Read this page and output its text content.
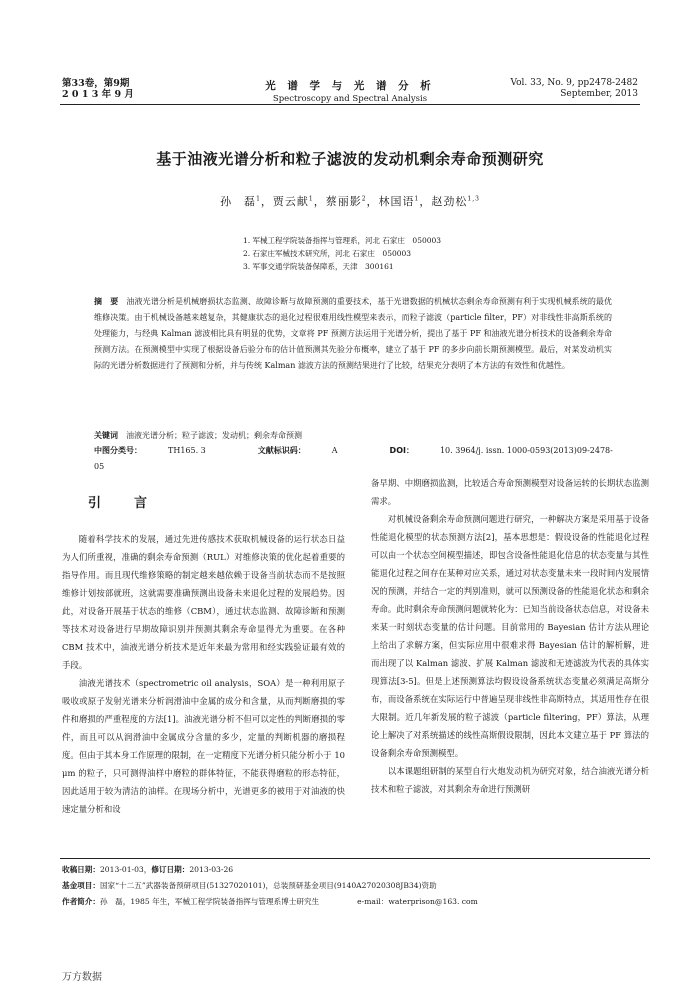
第33卷，第9期
2 0 1 3 年 9 月
光 谱 学 与 光 谱 分 析
Spectroscopy and Spectral Analysis
Vol. 33, No. 9, pp2478-2482
September, 2013
基于油液光谱分析和粒子滤波的发动机剩余寿命预测研究
孙　磊$^1$，贾云献$^1$，蔡丽影$^2$，林国语$^1$，赵劲松$^{1,3}$
1. 军械工程学院装备指挥与管理系，河北 石家庄　050003
2. 石家庄军械技术研究所，河北 石家庄　050003
3. 军事交通学院装备保障系，天津　300161
摘　要　 油液光谱分析是机械磨损状态监测、故障诊断与故障预测的重要技术，基于光谱数据的机械状态剩余寿命预测有利于实现机械系统的最优维修决策。由于机械设备越来越复杂，其健康状态的退化过程很难用线性模型来表示，而粒子滤波（particle filter，PF）对非线性非高斯系统的处理能力，与经典 Kalman 滤波相比具有明显的优势，文章将 PF 预测方法运用于光谱分析，提出了基于 PF 和油液光谱分析技术的设备剩余寿命预测方法。在预测模型中实现了根据设备后验分布的估计值预测其先验分布概率，建立了基于 PF 的多步向前长期预测模型。最后，对某发动机实际的光谱分析数据进行了预测和分析，并与传统 Kalman 滤波方法的预测结果进行了比较，结果充分表明了本方法的有效性和优越性。
关键词　 油液光谱分析；粒子滤波；发动机；剩余寿命预测
中图分类号：	TH165. 3	文献标识码：	A	DOI：	10. 3964/j. issn. 1000-0593(2013)09-2478-05
引　言

随着科学技术的发展，通过先进传感技术获取机械设备的运行状态日益为人们所重视，准确的剩余寿命预测（RUL）对维修决策的优化起着重要的指导作用。而且现代维修策略的制定越来越依赖于设备当前状态而不是按照维修计划按部就班，这就需要准确预测出设备未来退化过程的发展趋势。因此，对设备开展基于状态的维修（CBM），通过状态监测、故障诊断和预测等技术对设备进行早期故障识别并预测其剩余寿命显得尤为重要。在各种 CBM 技术中，油液光谱分析技术是近年来最为常用和经实践验证最有效的手段。

油液光谱技术（spectrometric oil analysis，SOA）是一种利用原子吸收或原子发射光谱来分析润滑油中金属的成分和含量，从而判断磨损的零件和磨损的严重程度的方法[1]。油液光谱分析不但可以定性的判断磨损的零件，而且可以从润滑油中金属成分含量的多少，定量的判断机器的磨损程度。但由于其本身工作原理的限制，在一定精度下光谱分析只能分析小于 10 μm 的粒子，只可测得油样中磨粒的群体特征，不能获得磨粒的形态特征，因此适用于较为清洁的油样。在现场分析中，光谱更多的被用于对油液的快速定量分析和设

备早期、中期磨损监测，比较适合寿命预测模型对设备运转的长期状态监测需求。

对机械设备剩余寿命预测问题进行研究，一种解决方案是采用基于设备性能退化模型的状态预测方法[2]，基本思想是：假设设备的性能退化过程可以由一个状态空间模型描述，即包含设备性能退化信息的状态变量与其性能退化过程之间存在某种对应关系，通过对状态变量未来一段时间内发展情况的预测，并结合一定的判别准则，就可以预测设备的性能退化状态和剩余寿命。此时剩余寿命预测问题就转化为：已知当前设备状态信息，对设备未来某一时刻状态变量的估计问题。目前常用的 Bayesian 估计方法从理论上给出了求解方案，但实际应用中很难求得 Bayesian 估计的解析解，进而出现了以 Kalman 滤波、扩展 Kalman 滤波和无迹滤波为代表的具体实现算法[3-5]。但是上述预测算法均假设设备系统状态变量必须满足高斯分布，而设备系统在实际运行中普遍呈现非线性非高斯特点，其适用性存在很大限制。近几年新发展的粒子滤波（particle filtering，PF）算法，从理论上解决了对系统描述的线性高斯假设限制，因此本文建立基于 PF 算法的设备剩余寿命预测模型。

以本课题组研制的某型自行火炮发动机为研究对象，结合油液光谱分析技术和粒子滤波，对其剩余寿命进行预测研

收稿日期：2013-01-03，修订日期：2013-03-26
基金项目：国家“十二五”武器装备预研项目(51327020101)，总装预研基金项目(9140A27020308JB34)资助
作者简介：孙　磊，1985 年生，军械工程学院装备指挥与管理系博士研究生	e-mail：waterprison@163. com
万方数据
